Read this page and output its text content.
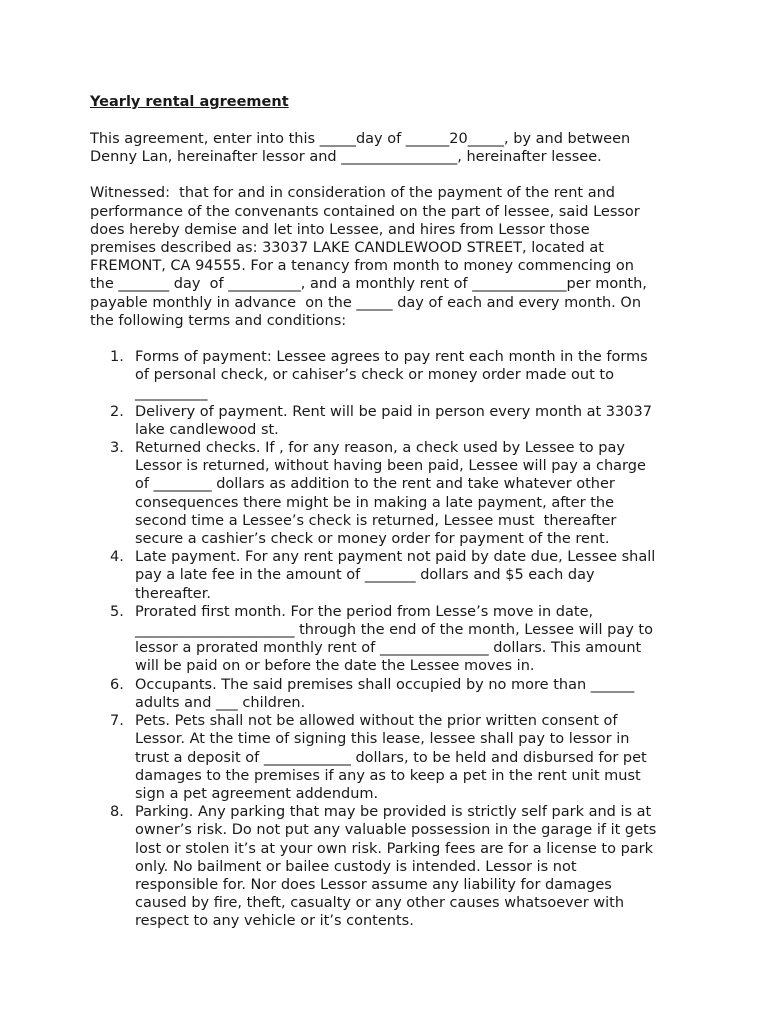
Yearly rental agreement

This agreement, enter into this _____day of ______20_____, by and between

Denny Lan, hereinafter lessor and ________________, hereinafter lessee.

Witnessed:  that for and in consideration of the payment of the rent and

performance of the convenants contained on the part of lessee, said Lessor

does hereby demise and let into Lessee, and hires from Lessor those

premises described as: 33037 LAKE CANDLEWOOD STREET, located at

FREMONT, CA 94555. For a tenancy from month to money commencing on

the _______ day  of __________, and a monthly rent of _____________per month,

payable monthly in advance  on the _____ day of each and every month. On

the following terms and conditions:

1. Forms of payment: Lessee agrees to pay rent each month in the forms

of personal check, or cahiser’s check or money order made out to

__________

2. Delivery of payment. Rent will be paid in person every month at 33037

lake candlewood st.

3. Returned checks. If , for any reason, a check used by Lessee to pay

Lessor is returned, without having been paid, Lessee will pay a charge

of ________ dollars as addition to the rent and take whatever other

consequences there might be in making a late payment, after the

second time a Lessee’s check is returned, Lessee must  thereafter

secure a cashier’s check or money order for payment of the rent.

4. Late payment. For any rent payment not paid by date due, Lessee shall

pay a late fee in the amount of _______ dollars and $5 each day

thereafter.

5. Prorated first month. For the period from Lesse’s move in date,

______________________ through the end of the month, Lessee will pay to

lessor a prorated monthly rent of _______________ dollars. This amount

will be paid on or before the date the Lessee moves in.

6. Occupants. The said premises shall occupied by no more than ______

adults and ___ children.

7. Pets. Pets shall not be allowed without the prior written consent of

Lessor. At the time of signing this lease, lessee shall pay to lessor in

trust a deposit of ____________ dollars, to be held and disbursed for pet

damages to the premises if any as to keep a pet in the rent unit must

sign a pet agreement addendum.

8. Parking. Any parking that may be provided is strictly self park and is at

owner’s risk. Do not put any valuable possession in the garage if it gets

lost or stolen it’s at your own risk. Parking fees are for a license to park

only. No bailment or bailee custody is intended. Lessor is not

responsible for. Nor does Lessor assume any liability for damages

caused by fire, theft, casualty or any other causes whatsoever with

respect to any vehicle or it’s contents.
